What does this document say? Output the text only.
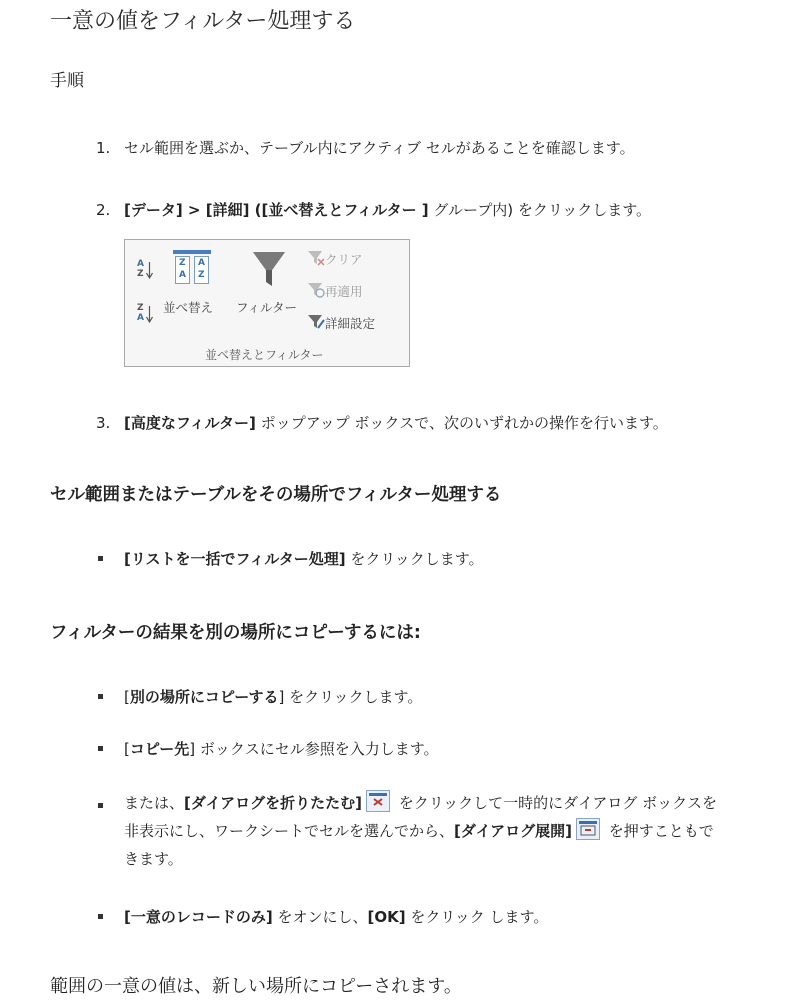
一意の値をフィルター処理する
手順
1. セル範囲を選ぶか、テーブル内にアクティブ セルがあることを確認します。
2. [データ] > [詳細] ([並べ替えとフィルター ] グループ内) をクリックします。
A
Z
Z
A
Z
A
A
Z
並べ替え フィルター
クリア
再適用
詳細設定
並べ替えとフィルター
3. [高度なフィルター] ポップアップ ボックスで、次のいずれかの操作を行います。
セル範囲またはテーブルをその場所でフィルター処理する
[リストを一括でフィルター処理] をクリックします。
フィルターの結果を別の場所にコピーするには:
[別の場所にコピーする] をクリックします。
[コピー先] ボックスにセル参照を入力します。
または、[ダイアログを折りたたむ]
をクリックして一時的にダイアログ ボックスを
非表示にし、ワークシートでセルを選んでから、[ダイアログ展開]
を押すこともで
きます。
[一意のレコードのみ] をオンにし、[OK] をクリック します。
範囲の一意の値は、新しい場所にコピーされます。
